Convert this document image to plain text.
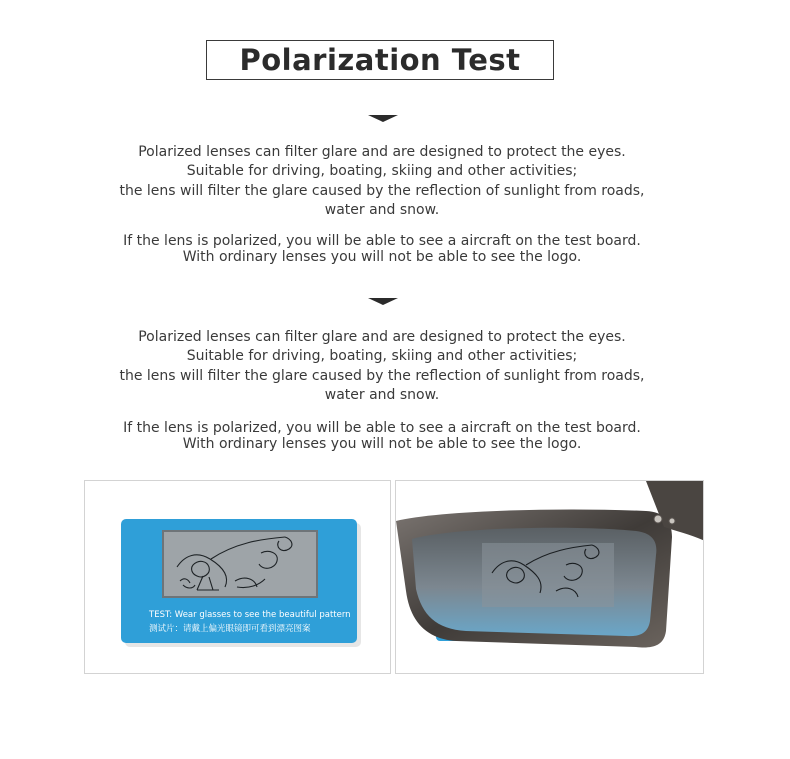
Polarization Test

Polarized lenses can filter glare and are designed to protect the eyes.

Suitable for driving, boating, skiing and other activities;

the lens will filter the glare caused by the reflection of sunlight from roads,

water and snow.

If the lens is polarized, you will be able to see a aircraft on the test board.

With ordinary lenses you will not be able to see the logo.

Polarized lenses can filter glare and are designed to protect the eyes.

Suitable for driving, boating, skiing and other activities;

the lens will filter the glare caused by the reflection of sunlight from roads,

water and snow.

If the lens is polarized, you will be able to see a aircraft on the test board.

With ordinary lenses you will not be able to see the logo.

TEST: Wear glasses to see the beautiful pattern
测试片：请戴上偏光眼镜即可看到漂亮图案
